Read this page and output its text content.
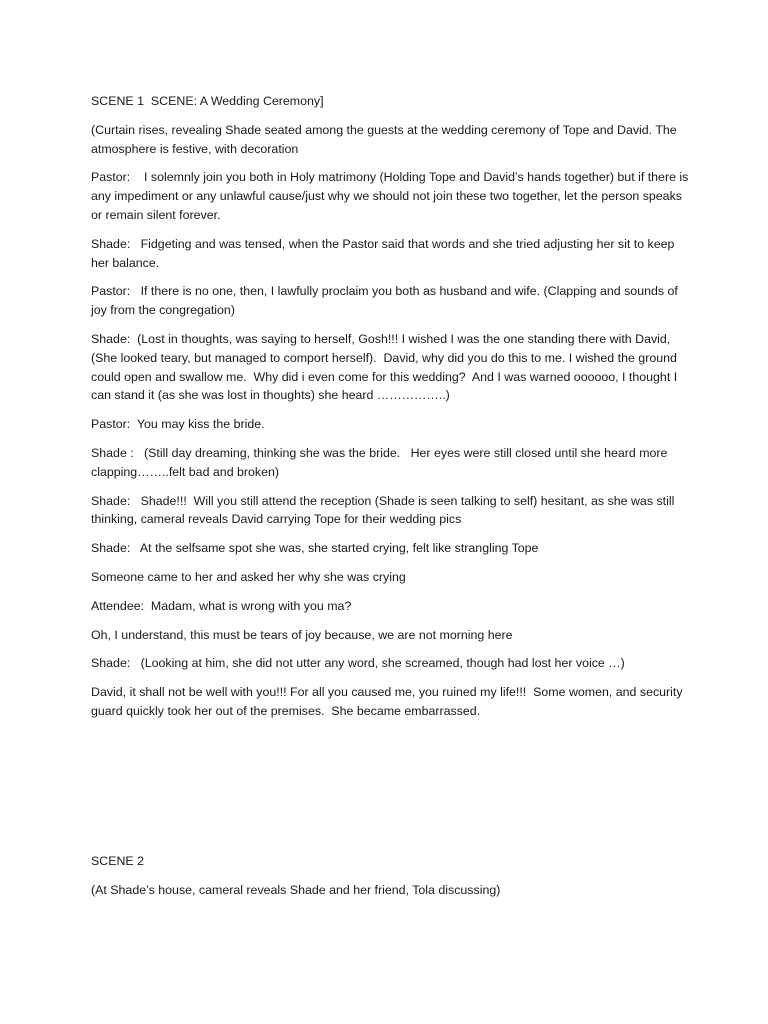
SCENE 1  SCENE: A Wedding Ceremony]

(Curtain rises, revealing Shade seated among the guests at the wedding ceremony of Tope and David. The atmosphere is festive, with decoration

Pastor:    I solemnly join you both in Holy matrimony (Holding Tope and David’s hands together) but if there is any impediment or any unlawful cause/just why we should not join these two together, let the person speaks or remain silent forever.

Shade:   Fidgeting and was tensed, when the Pastor said that words and she tried adjusting her sit to keep her balance.

Pastor:   If there is no one, then, I lawfully proclaim you both as husband and wife. (Clapping and sounds of joy from the congregation)

Shade:  (Lost in thoughts, was saying to herself, Gosh!!! I wished I was the one standing there with David, (She looked teary, but managed to comport herself).  David, why did you do this to me. I wished the ground could open and swallow me.  Why did i even come for this wedding?  And I was warned oooooo, I thought I can stand it (as she was lost in thoughts) she heard ……………..)

Pastor:  You may kiss the bride.

Shade :   (Still day dreaming, thinking she was the bride.   Her eyes were still closed until she heard more clapping……..felt bad and broken)

Shade:   Shade!!!  Will you still attend the reception (Shade is seen talking to self) hesitant, as she was still thinking, cameral reveals David carrying Tope for their wedding pics

Shade:   At the selfsame spot she was, she started crying, felt like strangling Tope

Someone came to her and asked her why she was crying

Attendee:  Madam, what is wrong with you ma?

Oh, I understand, this must be tears of joy because, we are not morning here

Shade:   (Looking at him, she did not utter any word, she screamed, though had lost her voice …)

David, it shall not be well with you!!! For all you caused me, you ruined my life!!!  Some women, and security guard quickly took her out of the premises.  She became embarrassed.

SCENE 2

(At Shade’s house, cameral reveals Shade and her friend, Tola discussing)
